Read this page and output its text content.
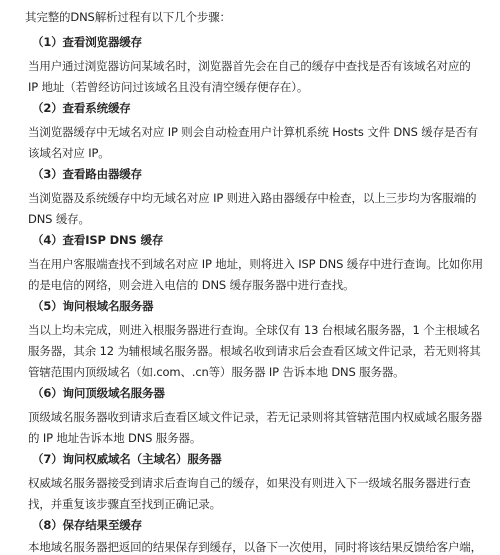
其完整的DNS解析过程有以下几个步骤：
（1）查看浏览器缓存
当用户通过浏览器访问某域名时，浏览器首先会在自己的缓存中查找是否有该域名对应的
IP 地址（若曾经访问过该域名且没有清空缓存便存在）。
（2）查看系统缓存
当浏览器缓存中无域名对应 IP 则会自动检查用户计算机系统 Hosts 文件 DNS 缓存是否有
该域名对应 IP。
（3）查看路由器缓存
当浏览器及系统缓存中均无域名对应 IP 则进入路由器缓存中检查，以上三步均为客服端的
DNS 缓存。
（4）查看ISP DNS 缓存
当在用户客服端查找不到域名对应 IP 地址，则将进入 ISP DNS 缓存中进行查询。比如你用
的是电信的网络，则会进入电信的 DNS 缓存服务器中进行查找。
（5）询问根域名服务器
当以上均未完成，则进入根服务器进行查询。全球仅有 13 台根域名服务器，1 个主根域名
服务器，其余 12 为辅根域名服务器。根域名收到请求后会查看区域文件记录，若无则将其
管辖范围内顶级域名（如.com、.cn等）服务器 IP 告诉本地 DNS 服务器。
（6）询问顶级域名服务器
顶级域名服务器收到请求后查看区域文件记录，若无记录则将其管辖范围内权威域名服务器
的 IP 地址告诉本地 DNS 服务器。
（7）询问权威域名（主域名）服务器
权威域名服务器接受到请求后查询自己的缓存，如果没有则进入下一级域名服务器进行查
找，并重复该步骤直至找到正确记录。
（8）保存结果至缓存
本地域名服务器把返回的结果保存到缓存，以备下一次使用，同时将该结果反馈给客户端，
